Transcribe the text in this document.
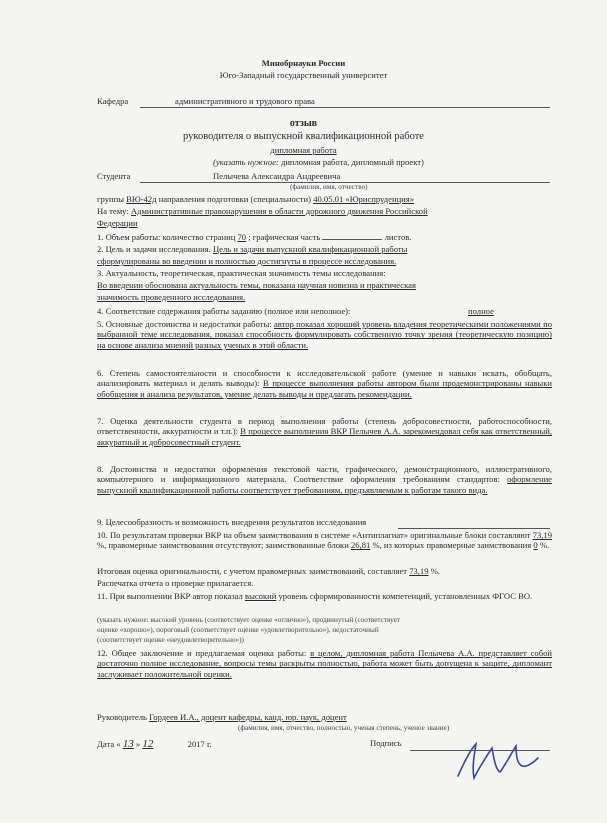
Минобрнауки России
Юго-Западный государственный университет
Кафедра	административного и трудового права
отзыв
руководителя о выпускной квалификационной работе
дипломная работа
(указать нужное: дипломная работа, дипломный проект)
Студента	Пелычева Александра Андреевича
(фамилия, имя, отчество)
группы ВЮ-42д направления подготовки (специальности) 40.05.01 «Юриспруденция»
На тему: Административные правонарушения в области дорожного движения Российской
Федерации
1. Объем работы: количество страниц 70 ; графическая часть	листов.
2. Цель и задачи исследования. Цель и задачи выпускной квалификационной работы
сформулированы во введении и полностью достигнуты в процессе исследования.
3. Актуальность, теоретическая, практическая значимость темы исследования:
Во введении обоснована актуальность темы, показана научная новизна и практическая
значимость проведенного исследования.
4. Соответствие содержания работы заданию (полное или неполное):	полное
5. Основные достоинства и недостатки работы: автор показал хороший уровень владения теоретическими положениями по выбранной теме исследования, показал способность формулировать собственную точку зрения (теоретическую позицию) на основе анализа мнений разных ученых в этой области.
6. Степень самостоятельности и способности к исследовательской работе (умение и навыки искать, обобщать, анализировать материал и делать выводы): В процессе выполнения работы автором были продемонстрированы навыки обобщения и анализа результатов, умение делать выводы и предлагать рекомендации.
7. Оценка деятельности студента в период выполнения работы (степень добросовестности, работоспособности, ответственности, аккуратности и т.п.): В процессе выполнения ВКР Пелычев А.А. зарекомендовал себя как ответственный, аккуратный и добросовестный студент.
8. Достоинства и недостатки оформления текстовой части, графического, демонстрационного, иллюстративного, компьютерного и информационного материала. Соответствие оформления требованиям стандартов: оформление выпускной квалификационной работы соответствует требованиям, предъявляемым к работам такого вида.
9. Целесообразность и возможность внедрения результатов исследования
10. По результатам проверки ВКР на объем заимствования в системе «Антиплагиат» оригинальные блоки составляют 73,19 %, правомерные заимствования отсутствуют; заимствованные блоки 26,81 %, из которых правомерные заимствования 0 %.
Итоговая оценка оригинальности, с учетом правомерных заимствований, составляет 73,19 %.
Распечатка отчета о проверке прилагается.
11. При выполнении ВКР автор показал высокий уровень сформированности компетенций, установленных ФГОС ВО.
(указать нужное: высокий уровень (соответствует оценке «отлично»), продвинутый (соответствует
оценке «хорошо»), пороговый (соответствует оценке «удовлетворительно»), недостаточный
(соответствует оценке «неудовлетворительно»))
12. Общее заключение и предлагаемая оценка работы: в целом, дипломная работа Пелычева А.А. представляет собой достаточно полное исследование, вопросы темы раскрыты полностью, работа может быть допущена к защите, дипломант заслуживает положительной оценки.
Руководитель Гордеев И.А., доцент кафедры, канд. юр. наук, доцент
(фамилия, имя, отчество, полностью, ученая степень, ученое звание)
Дата « 13 » 12	2017 г.	Подпись
